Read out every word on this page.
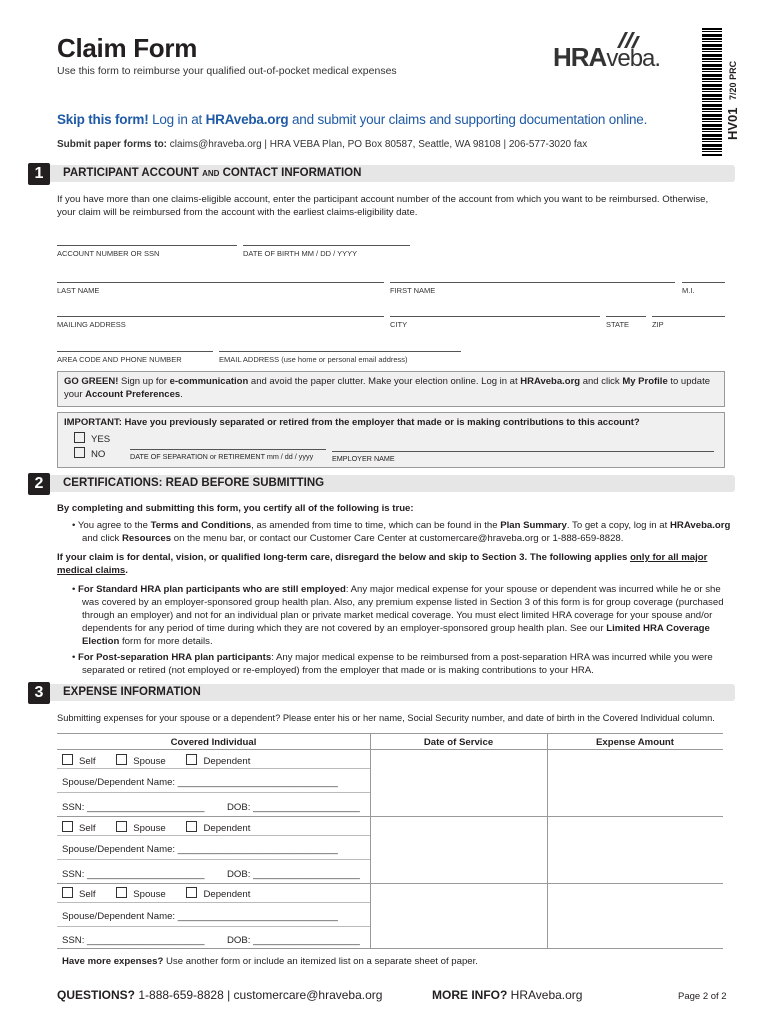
Claim Form
Use this form to reimburse your qualified out-of-pocket medical expenses	HRAveba.
HV01   7/20 PRC
Skip this form! Log in at HRAveba.org and submit your claims and supporting documentation online.
Submit paper forms to: claims@hraveba.org | HRA VEBA Plan, PO Box 80587, Seattle, WA 98108 | 206-577-3020 fax
1	PARTICIPANT ACCOUNT AND CONTACT INFORMATION
If you have more than one claims-eligible account, enter the participant account number of the account from which you want to be reimbursed. Otherwise, your claim will be reimbursed from the account with the earliest claims-eligibility date.
ACCOUNT NUMBER OR SSN	DATE OF BIRTH MM / DD / YYYY
LAST NAME	FIRST NAME	M.I.
MAILING ADDRESS	CITY	STATE	ZIP
AREA CODE AND PHONE NUMBER	EMAIL ADDRESS (use home or personal email address)
GO GREEN! Sign up for e-communication and avoid the paper clutter. Make your election online. Log in at HRAveba.org and click My Profile to update your Account Preferences.
IMPORTANT: Have you previously separated or retired from the employer that made or is making contributions to this account?
YES
NO	DATE OF SEPARATION or RETIREMENT mm / dd / yyyy	EMPLOYER NAME
2	CERTIFICATIONS: READ BEFORE SUBMITTING
By completing and submitting this form, you certify all of the following is true:
• You agree to the Terms and Conditions, as amended from time to time, which can be found in the Plan Summary. To get a copy, log in at HRAveba.org and click Resources on the menu bar, or contact our Customer Care Center at customercare@hraveba.org or 1-888-659-8828.
If your claim is for dental, vision, or qualified long-term care, disregard the below and skip to Section 3. The following applies only for all major medical claims.
• For Standard HRA plan participants who are still employed: Any major medical expense for your spouse or dependent was incurred while he or she was covered by an employer-sponsored group health plan. Also, any premium expense listed in Section 3 of this form is for group coverage (purchased through an employer) and not for an individual plan or private market medical coverage. You must elect limited HRA coverage for your spouse and/or dependents for any period of time during which they are not covered by an employer-sponsored group health plan. See our Limited HRA Coverage Election form for more details.
• For Post-separation HRA plan participants: Any major medical expense to be reimbursed from a post-separation HRA was incurred while you were separated or retired (not employed or re-employed) from the employer that made or is making contributions to your HRA.
3	EXPENSE INFORMATION
Submitting expenses for your spouse or a dependent? Please enter his or her name, Social Security number, and date of birth in the Covered Individual column.
Covered Individual	Date of Service	Expense Amount
Self	Spouse	Dependent
Spouse/Dependent Name: ______________________________
SSN: ______________________ DOB: ____________________
Self	Spouse	Dependent
Spouse/Dependent Name: ______________________________
SSN: ______________________ DOB: ____________________
Self	Spouse	Dependent
Spouse/Dependent Name: ______________________________
SSN: ______________________ DOB: ____________________
Have more expenses? Use another form or include an itemized list on a separate sheet of paper.
QUESTIONS? 1-888-659-8828 | customercare@hraveba.org	MORE INFO? HRAveba.org	Page 2 of 2
